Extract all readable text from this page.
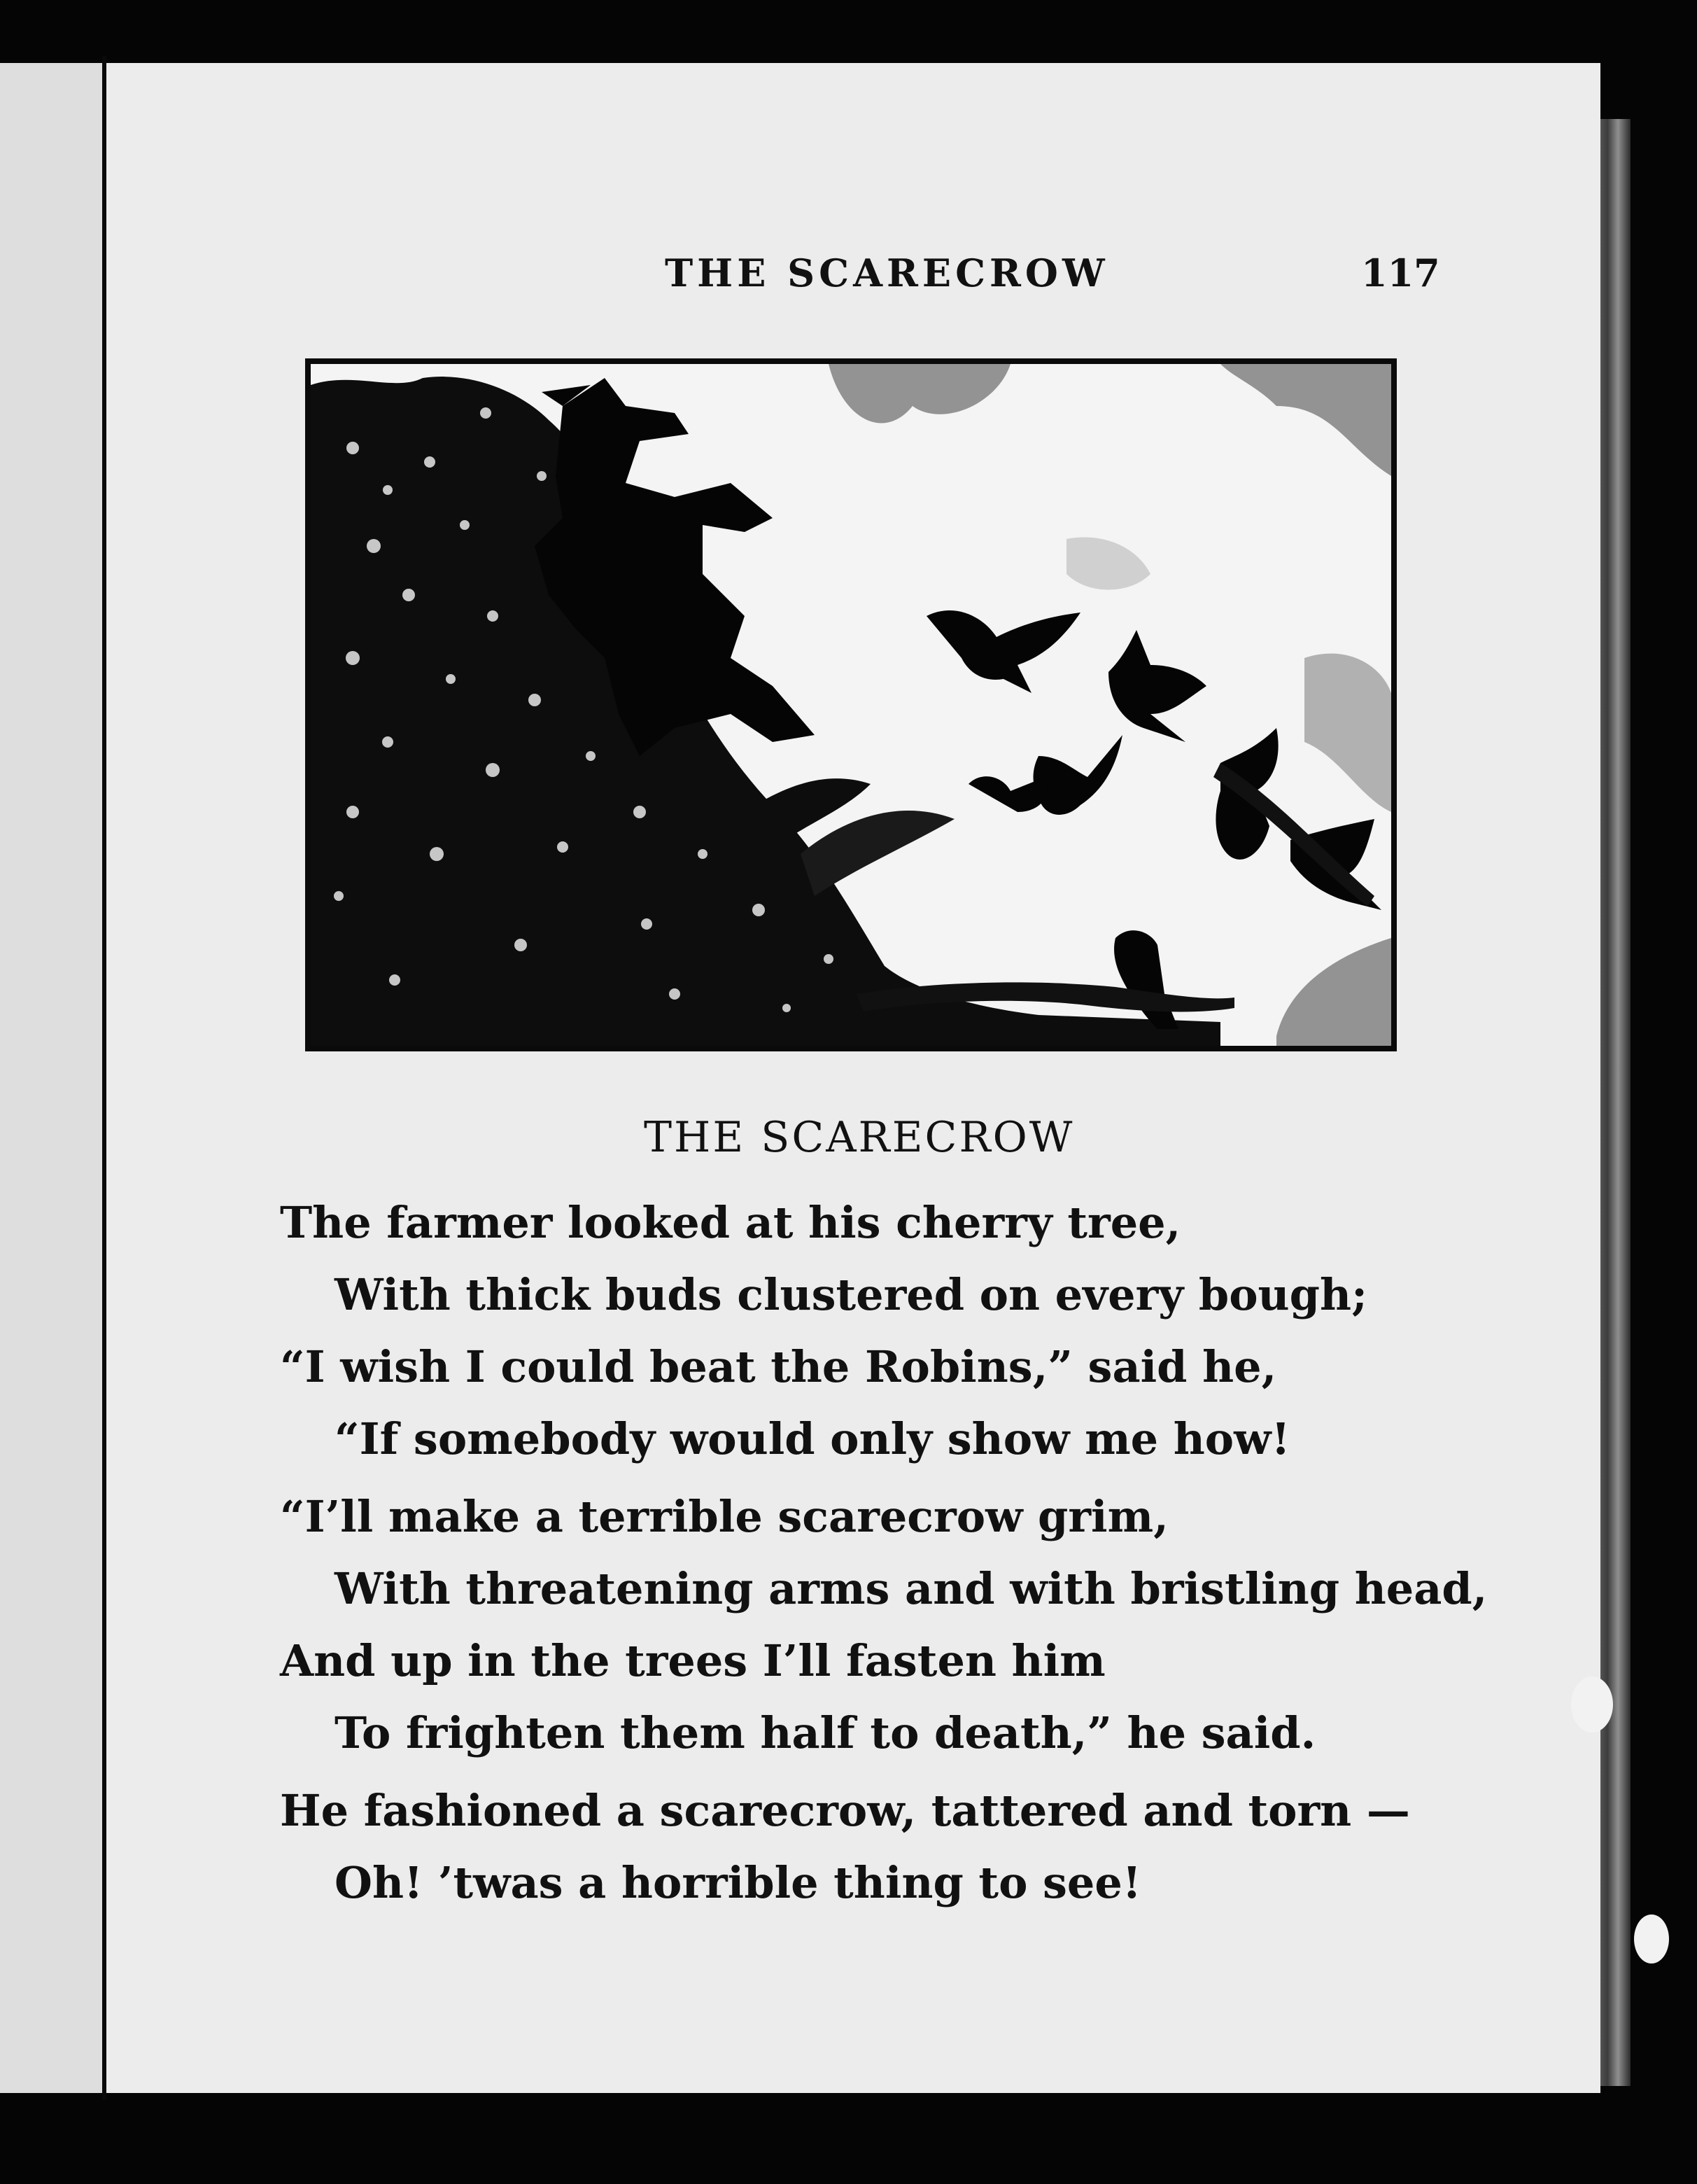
THE SCARECROW	117
THE SCARECROW
The farmer looked at his cherry tree,
With thick buds clustered on every bough;
“I wish I could beat the Robins,” said he,
“If somebody would only show me how!
“I’ll make a terrible scarecrow grim,
With threatening arms and with bristling head,
And up in the trees I’ll fasten him
To frighten them half to death,” he said.
He fashioned a scarecrow, tattered and torn —
Oh! ’twas a horrible thing to see!
